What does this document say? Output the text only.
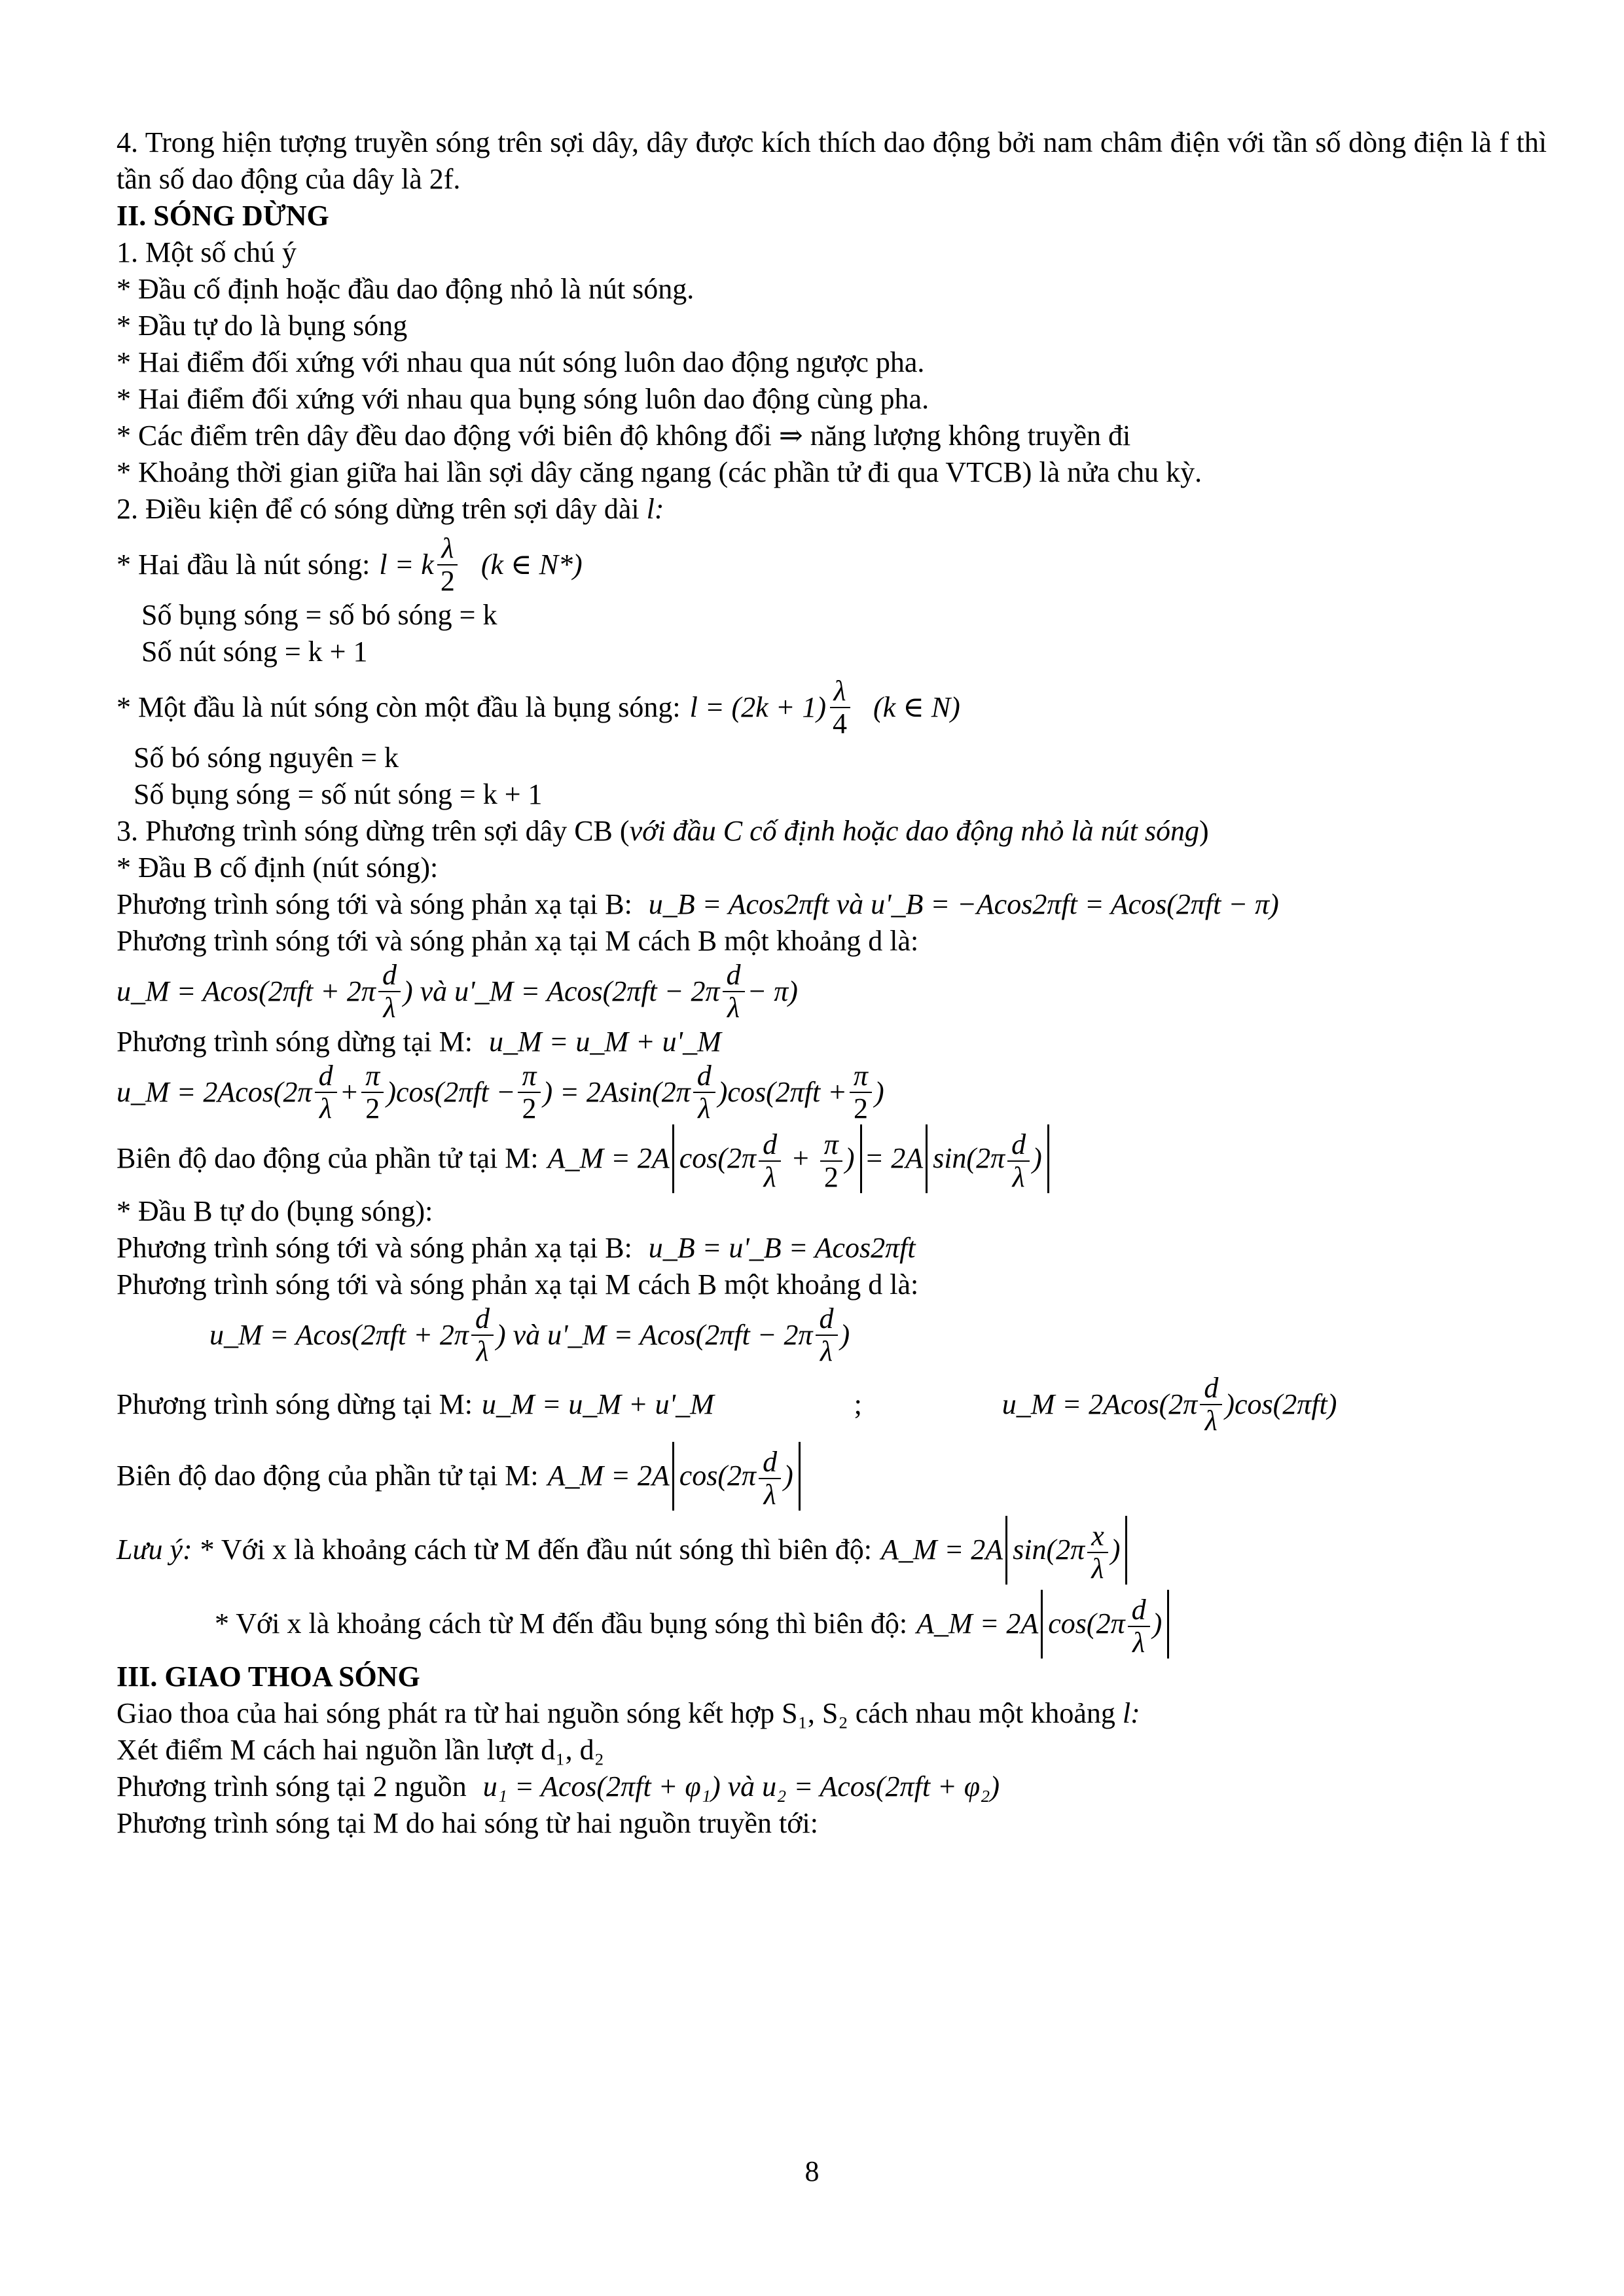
4. Trong hiện tượng truyền sóng trên sợi dây, dây được kích thích dao động bởi nam châm điện với tần số dòng điện là f thì tần số dao động của dây là 2f.
II. SÓNG DỪNG
1. Một số chú ý
* Đầu cố định hoặc đầu dao động nhỏ là nút sóng.
* Đầu tự do là bụng sóng
* Hai điểm đối xứng với nhau qua nút sóng luôn dao động ngược pha.
* Hai điểm đối xứng với nhau qua bụng sóng luôn dao động cùng pha.
* Các điểm trên dây đều dao động với biên độ không đổi ⇒ năng lượng không truyền đi
* Khoảng thời gian giữa hai lần sợi dây căng ngang (các phần tử đi qua VTCB) là nửa chu kỳ.
2. Điều kiện để có sóng dừng trên sợi dây dài l:
* Hai đầu là nút sóng: l = k $\frac{\lambda}{2} (k$ ∈ N*)
Số bụng sóng = số bó sóng = k
Số nút sóng = k + 1
* Một đầu là nút sóng còn một đầu là bụng sóng: $l = (2k + 1) \frac{\lambda}{4} (k$ ∈ N)
Số bó sóng nguyên = k
Số bụng sóng = số nút sóng = k + 1
3. Phương trình sóng dừng trên sợi dây CB (với đầu C cố định hoặc dao động nhỏ là nút sóng)
* Đầu B cố định (nút sóng):
Phương trình sóng tới và sóng phản xạ tại B: u_B = Acos2πft và u'_B = −Acos2πft = Acos(2πft − π)
Phương trình sóng tới và sóng phản xạ tại M cách B một khoảng d là:
u_M = $Acos(2\pi ft + 2\pi \frac{d}{\lambda}$ ) và u'_M = $Acos(2\pi ft - 2\pi \frac{d}{\lambda} - \pi)$
Phương trình sóng dừng tại M: u_M = u_M + u'_M
u_M = $2Acos(2\pi \frac{d}{\lambda} + \frac{\pi}{2} )\cos(2\pi ft - \frac{\pi}{2}$ ) = $2Asin(2\pi \frac{d}{\lambda} )\cos(2\pi ft + \frac{\pi}{2}$ )
Biên độ dao động của phần tử tại M: A_M = 2A $\cos(2\pi \frac{d}{\lambda} + \frac{\pi}{2}$ ) = 2A $\sin(2\pi \frac{d}{\lambda}$ )
* Đầu B tự do (bụng sóng):
Phương trình sóng tới và sóng phản xạ tại B: u_B = u'_B = Acos2πft
Phương trình sóng tới và sóng phản xạ tại M cách B một khoảng d là:
u_M = $Acos(2\pi ft + 2\pi \frac{d}{\lambda}$ ) và u'_M = $Acos(2\pi ft - 2\pi \frac{d}{\lambda}$ )
Phương trình sóng dừng tại M: u_M = u_M + u'_M	;	u_M = $2Acos(2\pi \frac{d}{\lambda} )\cos(2\pi ft)$
Biên độ dao động của phần tử tại M: A_M = 2A $\cos(2\pi \frac{d}{\lambda}$ )
Lưu ý: * Với x là khoảng cách từ M đến đầu nút sóng thì biên độ: A_M = 2A $\sin(2\pi \frac{x}{\lambda}$ )
* Với x là khoảng cách từ M đến đầu bụng sóng thì biên độ: A_M = 2A $\cos(2\pi \frac{d}{\lambda}$ )
III. GIAO THOA SÓNG
Giao thoa của hai sóng phát ra từ hai nguồn sóng kết hợp S₁, S₂ cách nhau một khoảng l:
Xét điểm M cách hai nguồn lần lượt d₁, d₂
Phương trình sóng tại 2 nguồn u₁ = Acos(2πft + φ₁) và u₂ = Acos(2πft + φ₂)
Phương trình sóng tại M do hai sóng từ hai nguồn truyền tới:
8
